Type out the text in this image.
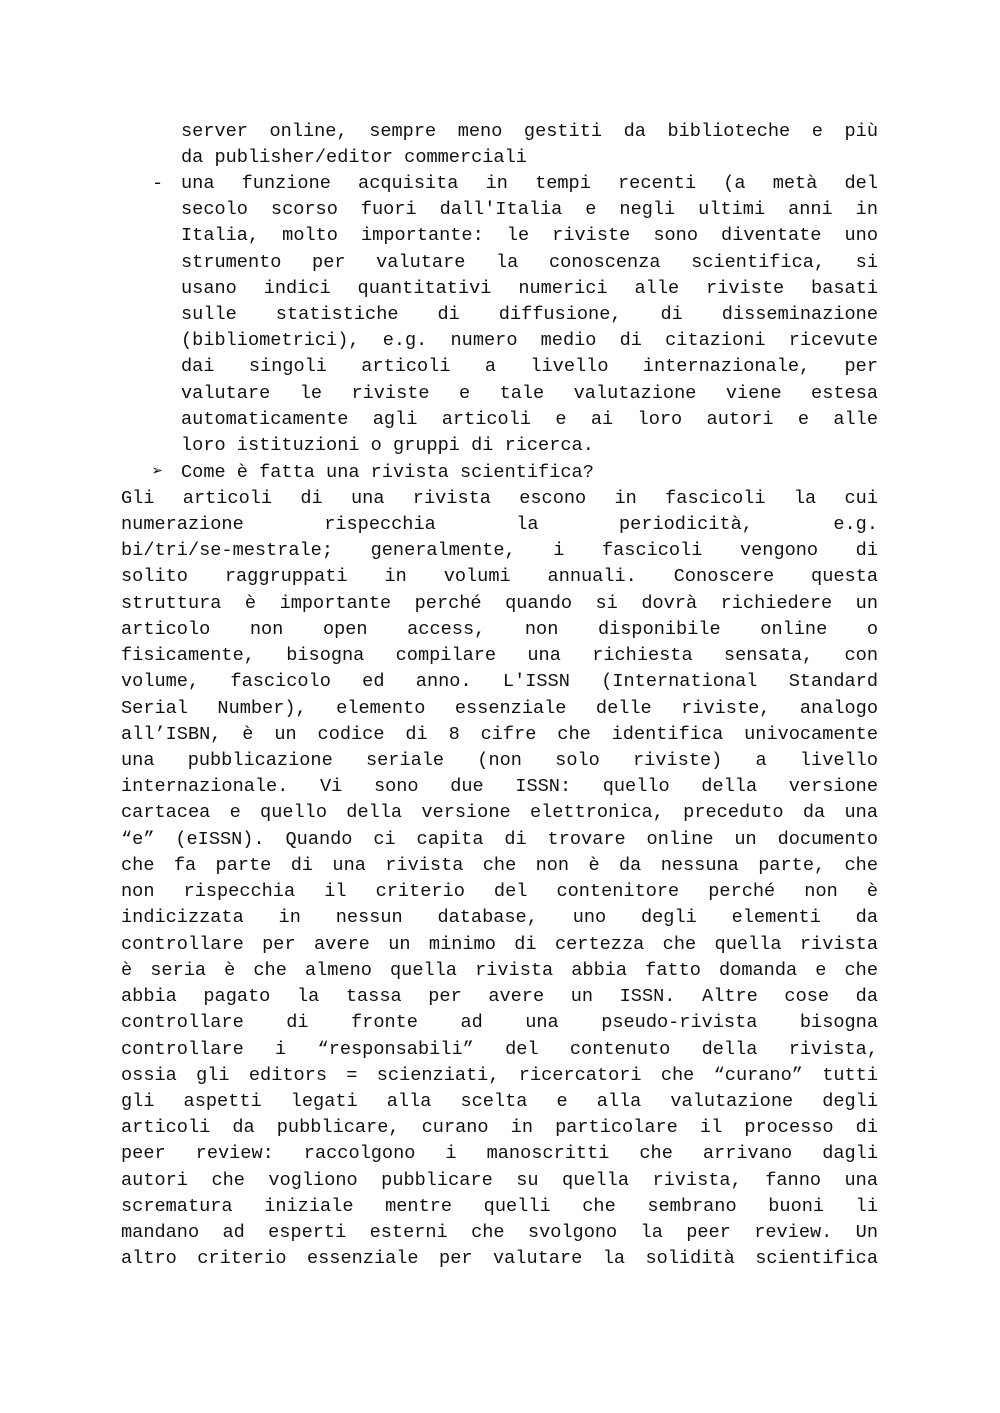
server online, sempre meno gestiti da biblioteche e più
da publisher/editor commerciali
- una funzione acquisita in tempi recenti (a metà del
secolo scorso fuori dall'Italia e negli ultimi anni in
Italia, molto importante: le riviste sono diventate uno
strumento per valutare la conoscenza scientifica, si
usano indici quantitativi numerici alle riviste basati
sulle statistiche di diffusione, di disseminazione
(bibliometrici), e.g. numero medio di citazioni ricevute
dai singoli articoli a livello internazionale, per
valutare le riviste e tale valutazione viene estesa
automaticamente agli articoli e ai loro autori e alle
loro istituzioni o gruppi di ricerca.
➢ Come è fatta una rivista scientifica?
Gli articoli di una rivista escono in fascicoli la cui
numerazione rispecchia la periodicità, e.g.
bi/tri/se-mestrale; generalmente, i fascicoli vengono di
solito raggruppati in volumi annuali. Conoscere questa
struttura è importante perché quando si dovrà richiedere un
articolo non open access, non disponibile online o
fisicamente, bisogna compilare una richiesta sensata, con
volume, fascicolo ed anno. L'ISSN (International Standard
Serial Number), elemento essenziale delle riviste, analogo
all’ISBN, è un codice di 8 cifre che identifica univocamente
una pubblicazione seriale (non solo riviste) a livello
internazionale. Vi sono due ISSN: quello della versione
cartacea e quello della versione elettronica, preceduto da una
“e” (eISSN). Quando ci capita di trovare online un documento
che fa parte di una rivista che non è da nessuna parte, che
non rispecchia il criterio del contenitore perché non è
indicizzata in nessun database, uno degli elementi da
controllare per avere un minimo di certezza che quella rivista
è seria è che almeno quella rivista abbia fatto domanda e che
abbia pagato la tassa per avere un ISSN. Altre cose da
controllare di fronte ad una pseudo-rivista bisogna
controllare i “responsabili” del contenuto della rivista,
ossia gli editors = scienziati, ricercatori che “curano” tutti
gli aspetti legati alla scelta e alla valutazione degli
articoli da pubblicare, curano in particolare il processo di
peer review: raccolgono i manoscritti che arrivano dagli
autori che vogliono pubblicare su quella rivista, fanno una
scrematura iniziale mentre quelli che sembrano buoni li
mandano ad esperti esterni che svolgono la peer review. Un
altro criterio essenziale per valutare la solidità scientifica
